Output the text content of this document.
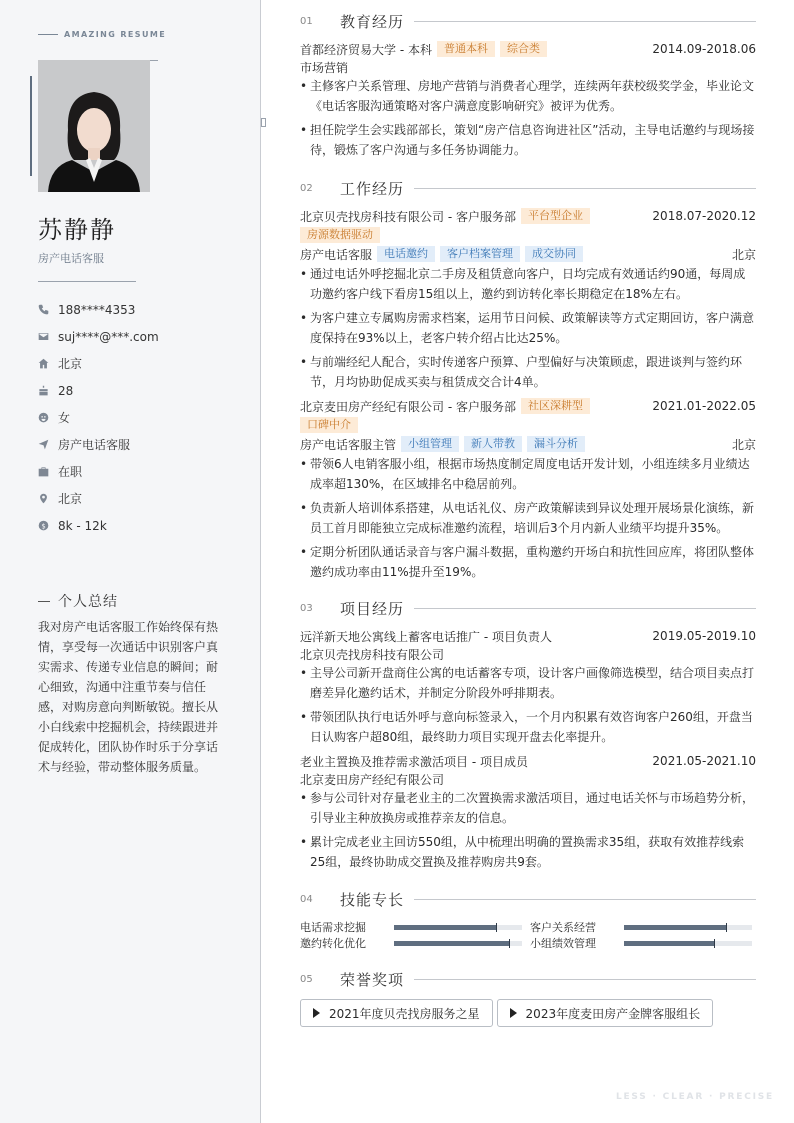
AMAZING RESUME
苏静静
房产电话客服
188****4353
suj****@***.com
北京
28
女
房产电话客服
在职
北京
$ 8k - 12k
个人总结
我对房产电话客服工作始终保有热情，享受每一次通话中识别客户真实需求、传递专业信息的瞬间；耐心细致，沟通中注重节奏与信任感，对购房意向判断敏锐。擅长从小白线索中挖掘机会，持续跟进并促成转化，团队协作时乐于分享话术与经验，带动整体服务质量。
01	教育经历
首都经济贸易大学 - 本科	普通本科	综合类	2014.09-2018.06
市场营销
• 主修客户关系管理、房地产营销与消费者心理学，连续两年获校级奖学金，毕业论文《电话客服沟通策略对客户满意度影响研究》被评为优秀。
• 担任院学生会实践部部长，策划“房产信息咨询进社区”活动，主导电话邀约与现场接待，锻炼了客户沟通与多任务协调能力。
02	工作经历
北京贝壳找房科技有限公司 - 客户服务部	平台型企业	2018.07-2020.12
房源数据驱动
房产电话客服	电话邀约	客户档案管理	成交协同	北京
• 通过电话外呼挖掘北京二手房及租赁意向客户，日均完成有效通话约90通，每周成功邀约客户线下看房15组以上，邀约到访转化率长期稳定在18%左右。
• 为客户建立专属购房需求档案，运用节日问候、政策解读等方式定期回访，客户满意度保持在93%以上，老客户转介绍占比达25%。
• 与前端经纪人配合，实时传递客户预算、户型偏好与决策顾虑，跟进谈判与签约环节，月均协助促成买卖与租赁成交合计4单。
北京麦田房产经纪有限公司 - 客户服务部	社区深耕型	2021.01-2022.05
口碑中介
房产电话客服主管	小组管理	新人带教	漏斗分析	北京
• 带领6人电销客服小组，根据市场热度制定周度电话开发计划，小组连续多月业绩达成率超130%，在区域排名中稳居前列。
• 负责新人培训体系搭建，从电话礼仪、房产政策解读到异议处理开展场景化演练，新员工首月即能独立完成标准邀约流程，培训后3个月内新人业绩平均提升35%。
• 定期分析团队通话录音与客户漏斗数据，重构邀约开场白和抗性回应库，将团队整体邀约成功率由11%提升至19%。
03	项目经历
远洋新天地公寓线上蓄客电话推广 - 项目负责人	2019.05-2019.10
北京贝壳找房科技有限公司
• 主导公司新开盘商住公寓的电话蓄客专项，设计客户画像筛选模型，结合项目卖点打磨差异化邀约话术，并制定分阶段外呼排期表。
• 带领团队执行电话外呼与意向标签录入，一个月内积累有效咨询客户260组，开盘当日认购客户超80组，最终助力项目实现开盘去化率提升。
老业主置换及推荐需求激活项目 - 项目成员	2021.05-2021.10
北京麦田房产经纪有限公司
• 参与公司针对存量老业主的二次置换需求激活项目，通过电话关怀与市场趋势分析，引导业主种放换房或推荐亲友的信息。
• 累计完成老业主回访550组，从中梳理出明确的置换需求35组，获取有效推荐线索25组，最终协助成交置换及推荐购房共9套。
04	技能专长
电话需求挖掘	客户关系经营
邀约转化优化	小组绩效管理
05	荣誉奖项
2021年度贝壳找房服务之星	2023年度麦田房产金牌客服组长
LESS · CLEAR · PRECISE
